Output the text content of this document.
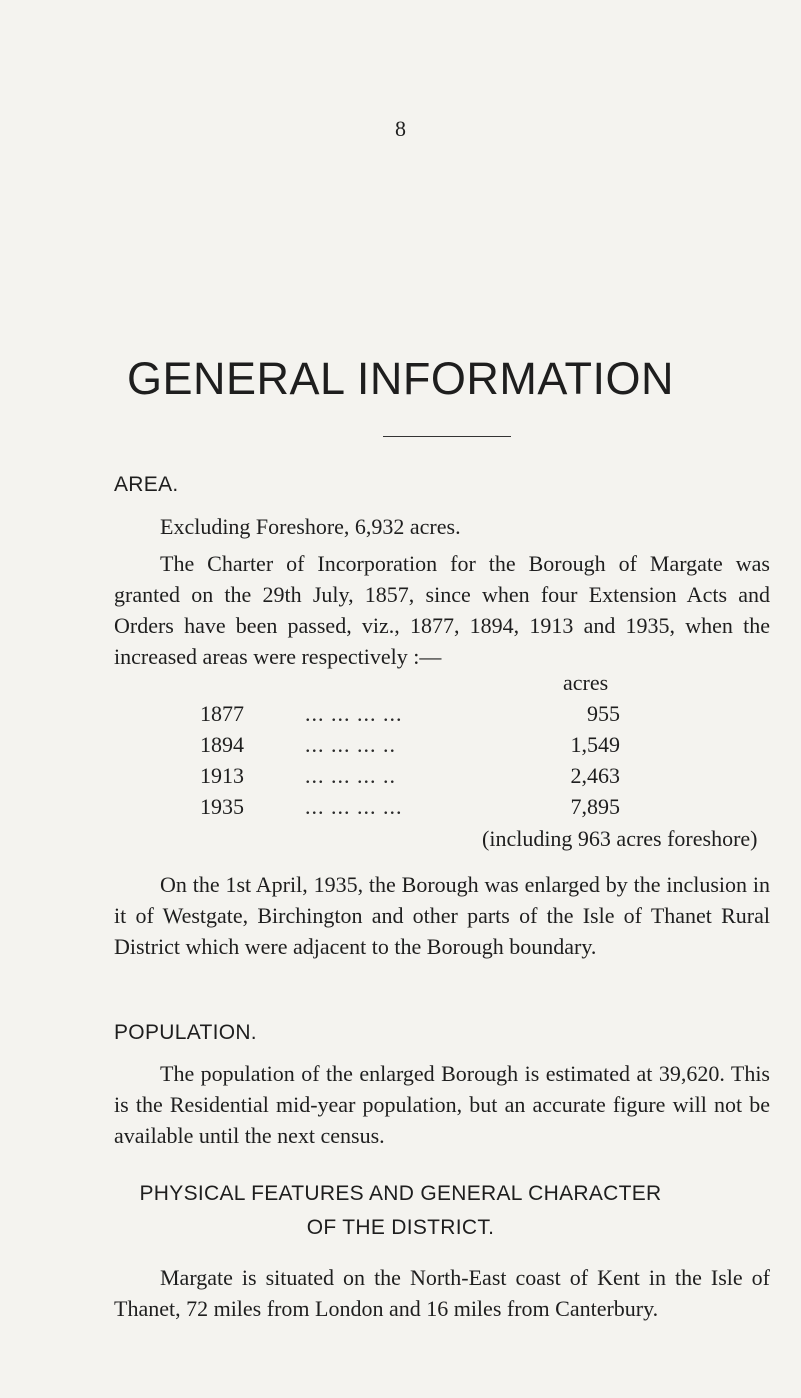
8
GENERAL INFORMATION
AREA.

Excluding Foreshore, 6,932 acres.

The Charter of Incorporation for the Borough of Margate was granted on the 29th July, 1857, since when four Extension Acts and Orders have been passed, viz., 1877, 1894, 1913 and 1935, when the increased areas were respectively :—

acres
1877	... ... ... ...	955
1894	... ... ... ..	1,549
1913	... ... ... ..	2,463
1935	... ... ... ...	7,895
(including 963 acres foreshore)

On the 1st April, 1935, the Borough was enlarged by the inclusion in it of Westgate, Birchington and other parts of the Isle of Thanet Rural District which were adjacent to the Borough boundary.

POPULATION.

The population of the enlarged Borough is estimated at 39,620. This is the Residential mid-year population, but an accurate figure will not be available until the next census.

PHYSICAL FEATURES AND GENERAL CHARACTER
OF THE DISTRICT.

Margate is situated on the North-East coast of Kent in the Isle of Thanet, 72 miles from London and 16 miles from Canterbury.
